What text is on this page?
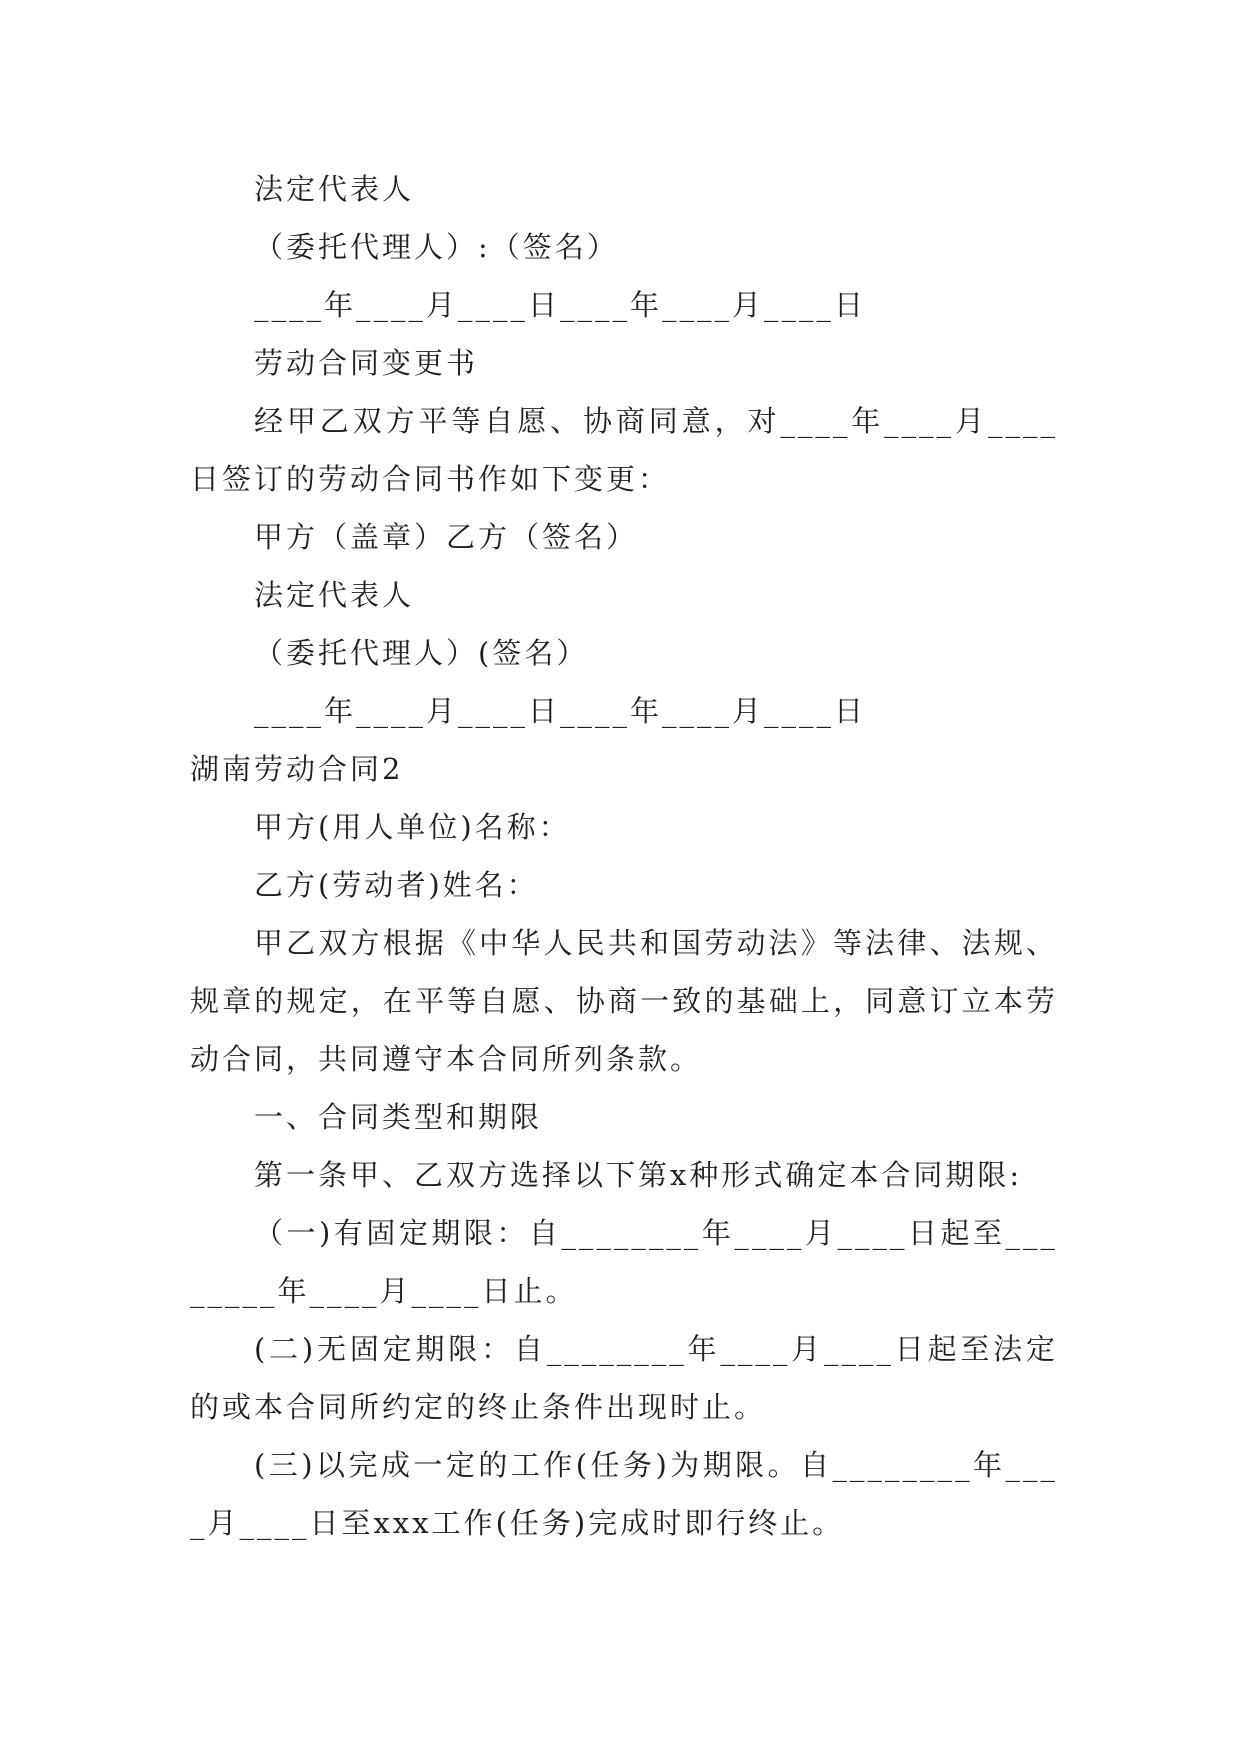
法定代表人

（委托代理人）:（签名）

____年____月____日____年____月____日

劳动合同变更书

经甲乙双方平等自愿、协商同意，对____年____月____日签订的劳动合同书作如下变更：

甲方（盖章）乙方（签名）

法定代表人

（委托代理人）(签名）

____年____月____日____年____月____日

湖南劳动合同2

甲方(用人单位)名称：

乙方(劳动者)姓名：

甲乙双方根据《中华人民共和国劳动法》等法律、法规、规章的规定，在平等自愿、协商一致的基础上，同意订立本劳动合同，共同遵守本合同所列条款。

一、合同类型和期限

第一条甲、乙双方选择以下第x种形式确定本合同期限:

（一)有固定期限：自________年____月____日起至________年____月____日止。

(二)无固定期限：自________年____月____日起至法定的或本合同所约定的终止条件出现时止。

(三)以完成一定的工作(任务)为期限。自________年____月____日至xxx工作(任务)完成时即行终止。
